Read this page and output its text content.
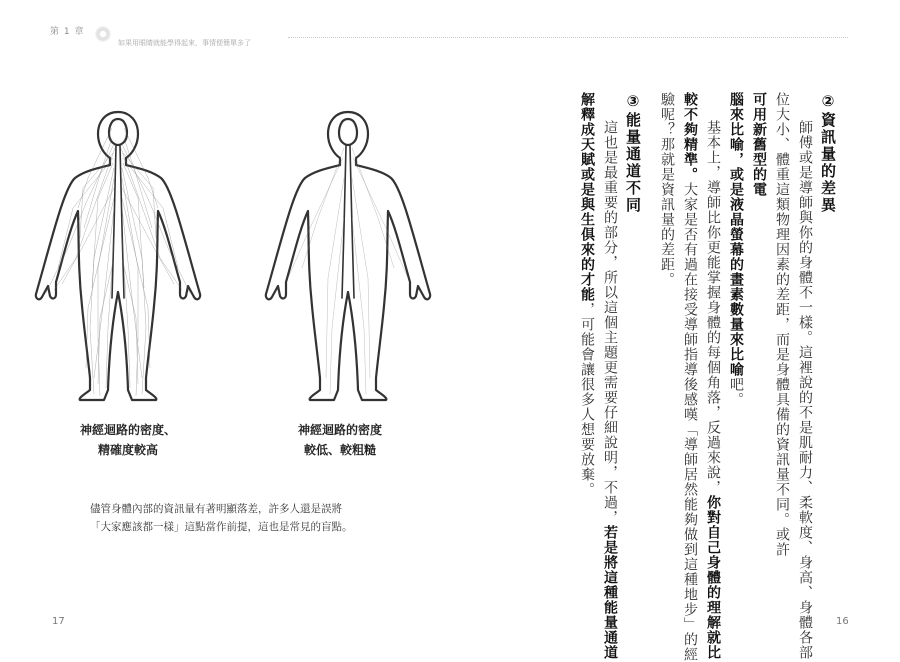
第 1 章
如果用眼睛就能學得起來，事情便簡單多了
神經迴路的密度、
精確度較高
神經迴路的密度
較低、較粗糙
儘管身體內部的資訊量有著明顯落差，許多人還是誤將
「大家應該都一樣」這點當作前提，這也是常見的盲點。
②資訊量的差異
師傅或是導師與你的身體不一樣。這裡說的不是肌耐力、柔軟度、身高、身體各部
位大小、體重這類物理因素的差距，而是身體具備的資訊量不同。或許
可用新舊型的電
腦來比喻，或是液晶螢幕的畫素數量來比喻吧。
基本上，導師比你更能掌握身體的每個角落，反過來說，你對自己身體的理解就比
較不夠精準。大家是否有過在接受導師指導後感嘆「導師居然能夠做到這種地步」的經
驗呢？那就是資訊量的差距。
③能量通道不同
這也是最重要的部分，所以這個主題更需要仔細說明，不過，若是將這種能量通道
解釋成天賦或是與生俱來的才能，可能會讓很多人想要放棄。
17	16
